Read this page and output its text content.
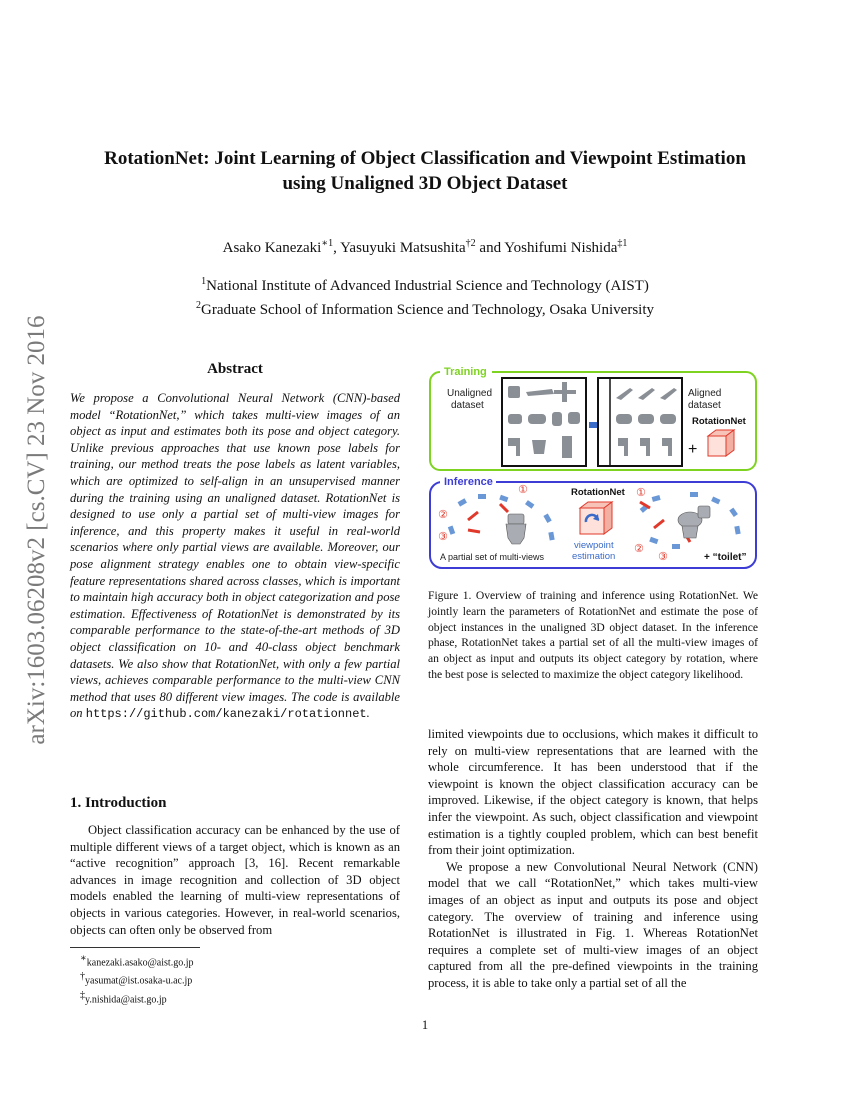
arXiv:1603.06208v2 [cs.CV] 23 Nov 2016
RotationNet: Joint Learning of Object Classification and Viewpoint Estimation
using Unaligned 3D Object Dataset
Asako Kanezaki$^{∗1}$, Yasuyuki Matsushita$^{\dagger 2}$ and Yoshifumi Nishida$^{\ddagger 1}$
$^1$National Institute of Advanced Industrial Science and Technology (AIST)
$^2$Graduate School of Information Science and Technology, Osaka University
Abstract
We propose a Convolutional Neural Network (CNN)-based model “RotationNet,” which takes multi-view images of an object as input and estimates both its pose and object category. Unlike previous approaches that use known pose labels for training, our method treats the pose labels as latent variables, which are optimized to self-align in an unsupervised manner during the training using an unaligned dataset. RotationNet is designed to use only a partial set of multi-view images for inference, and this property makes it useful in real-world scenarios where only partial views are available. Moreover, our pose alignment strategy enables one to obtain view-specific feature representations shared across classes, which is important to maintain high accuracy both in object categorization and pose estimation. Effectiveness of RotationNet is demonstrated by its comparable performance to the state-of-the-art methods of 3D object classification on 10- and 40-class object benchmark datasets. We also show that RotationNet, with only a few partial views, achieves comparable performance to the multi-view CNN method that uses 80 different view images. The code is available on https://github.com/kanezaki/rotationnet.
1. Introduction
Object classification accuracy can be enhanced by the use of multiple different views of a target object, which is known as an “active recognition” approach [3, 16]. Recent remarkable advances in image recognition and collection of 3D object models enabled the learning of multi-view representations of objects in various categories. However, in real-world scenarios, objects can often only be observed from
∗kanezaki.asako@aist.go.jp
†yasumat@ist.osaka-u.ac.jp
‡y.nishida@aist.go.jp
Training
Unaligned
dataset
Aligned
dataset
RotationNet
+
Inference
①
②
③
A partial set of multi-views
RotationNet
viewpoint
estimation
①
②
③	+ “toilet”
Figure 1. Overview of training and inference using RotationNet. We jointly learn the parameters of RotationNet and estimate the pose of object instances in the unaligned 3D object dataset. In the inference phase, RotationNet takes a partial set of all the multi-view images of an object as input and outputs its object category by rotation, where the best pose is selected to maximize the object category likelihood.

limited viewpoints due to occlusions, which makes it difficult to rely on multi-view representations that are learned with the whole circumference. It has been understood that if the viewpoint is known the object classification accuracy can be improved. Likewise, if the object category is known, that helps infer the viewpoint. As such, object classification and viewpoint estimation is a tightly coupled problem, which can best benefit from their joint optimization.

We propose a new Convolutional Neural Network (CNN) model that we call “RotationNet,” which takes multi-view images of an object as input and outputs its pose and object category. The overview of training and inference using RotationNet is illustrated in Fig. 1. Whereas RotationNet requires a complete set of multi-view images of an object captured from all the pre-defined viewpoints in the training process, it is able to take only a partial set of all the

1
